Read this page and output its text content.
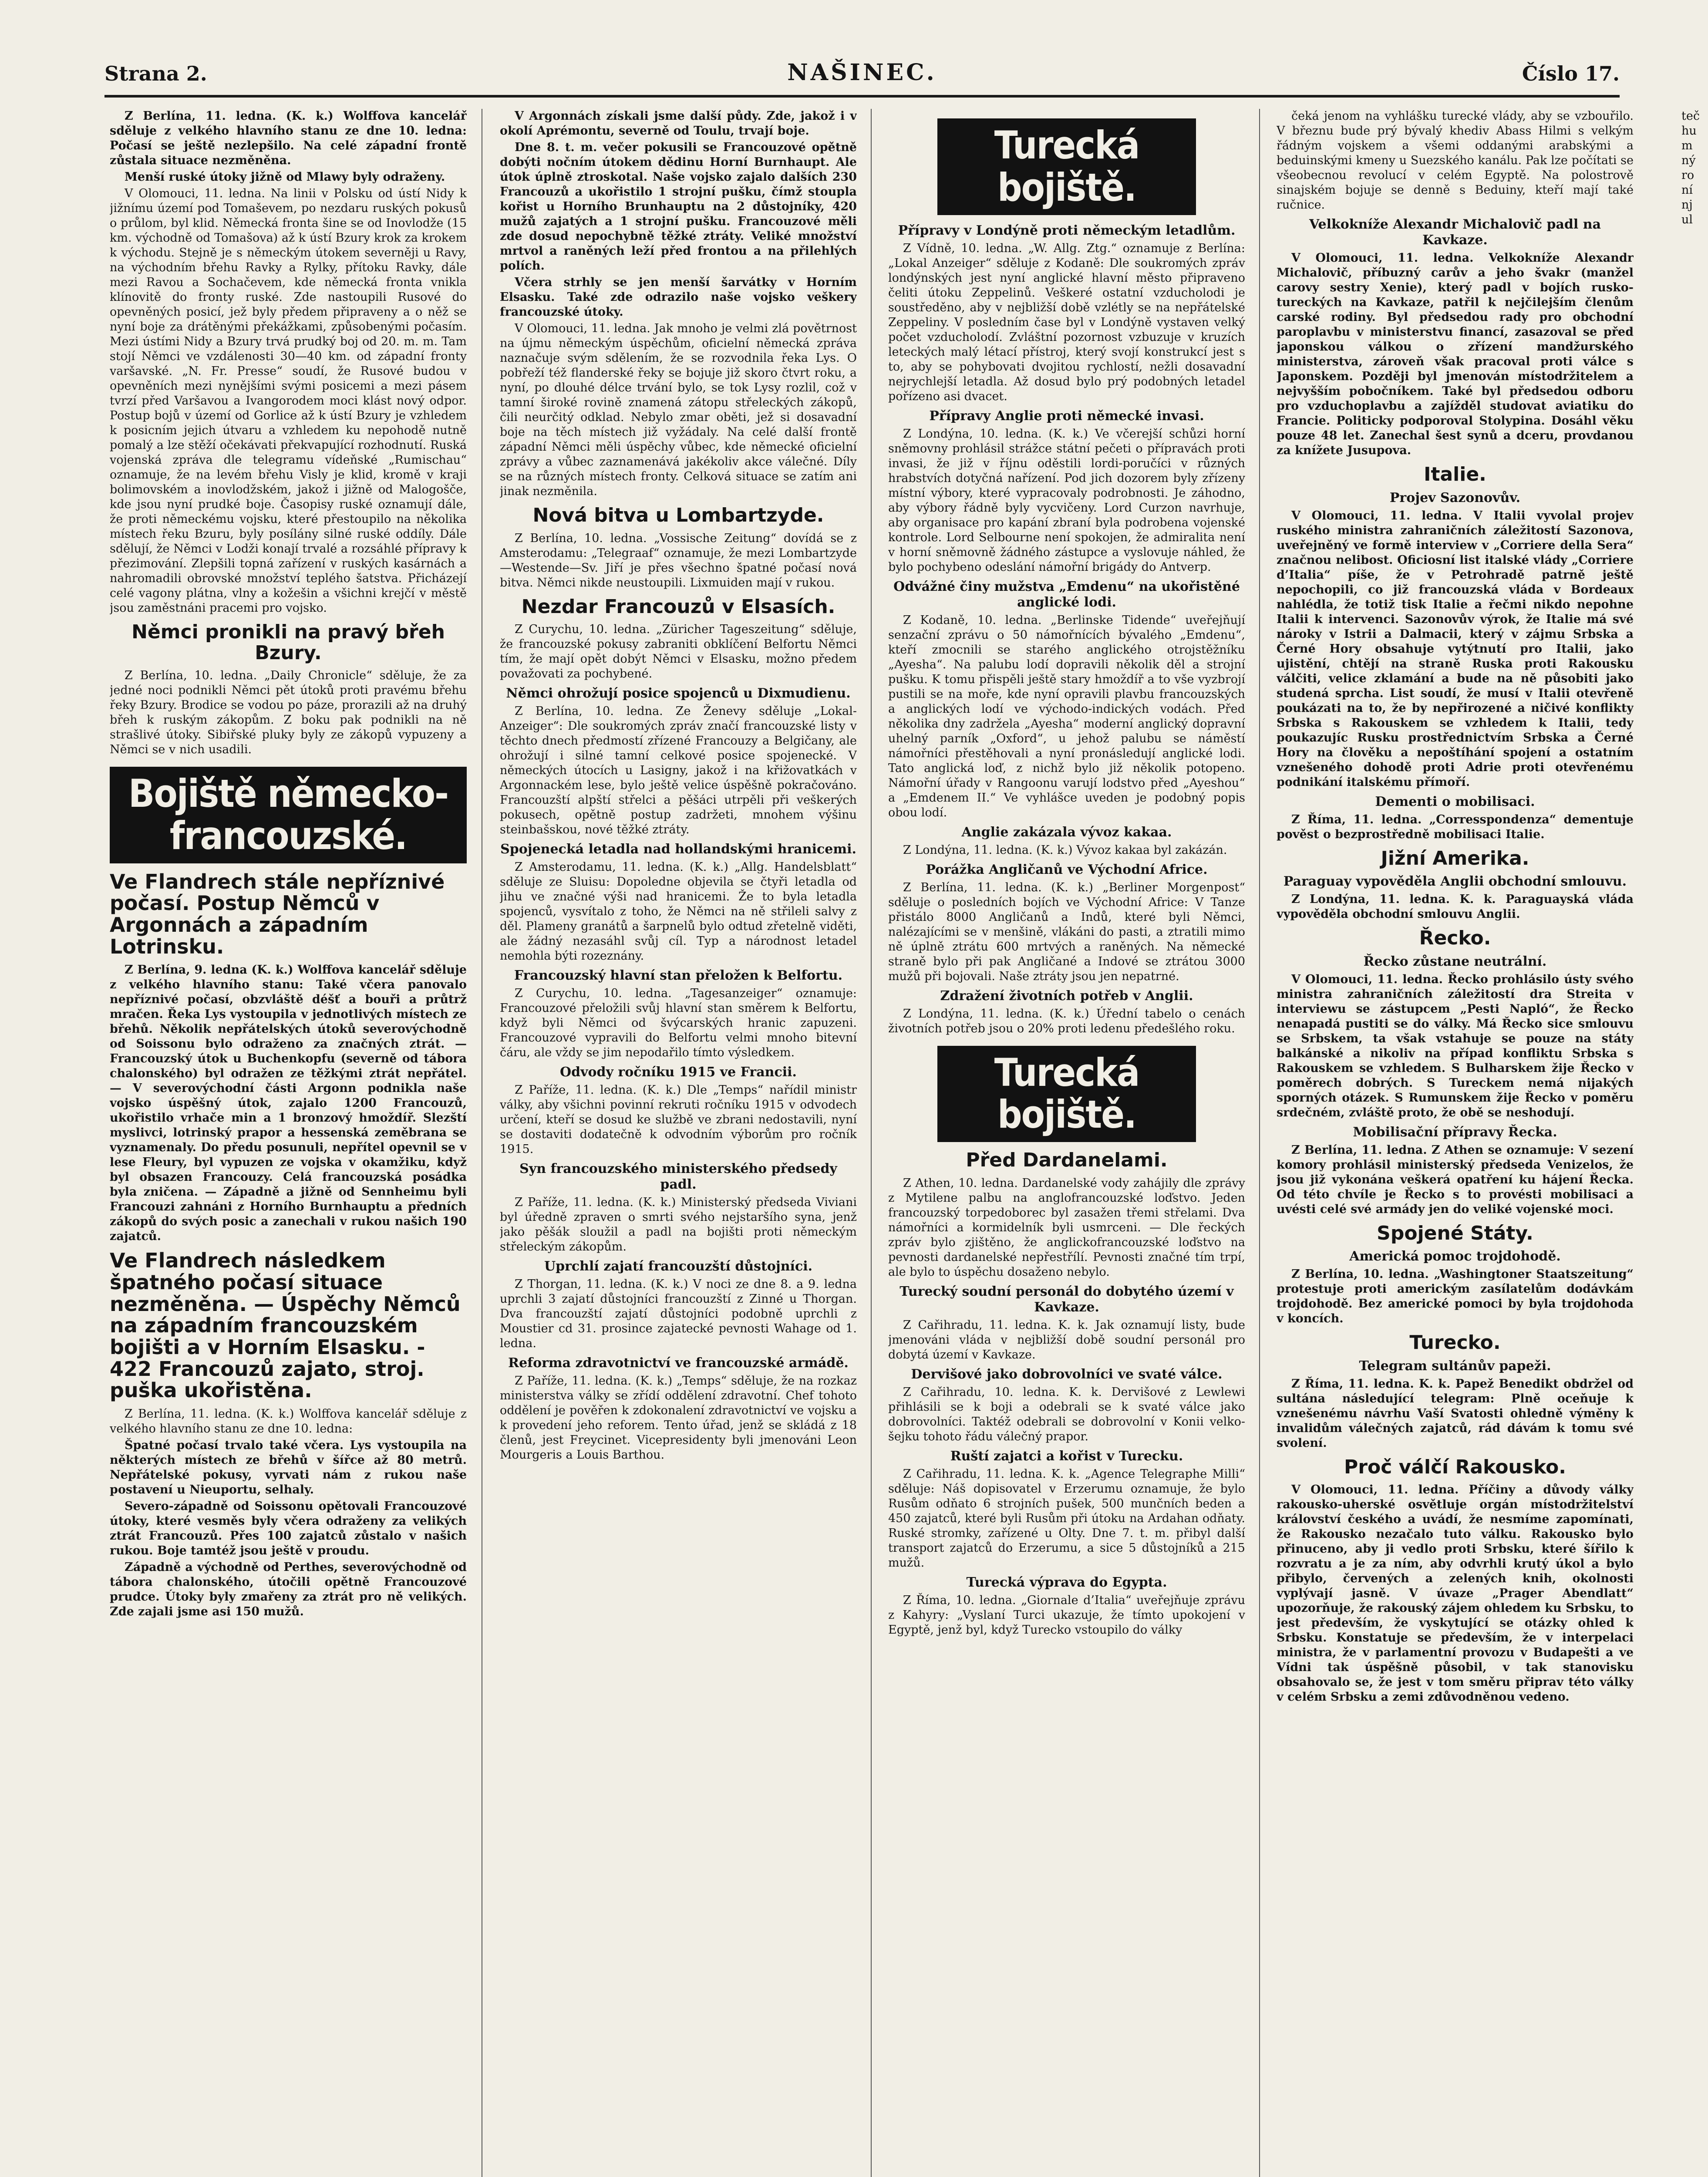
Strana 2.	NAŠINEC.	Číslo 17.

Z Berlína, 11. ledna. (K. k.) Wolffova kancelář sděluje z velkého hlavního stanu ze dne 10. ledna: Počasí se ještě nezlepšilo. Na celé západní frontě zůstala situace nezměněna.

Menší ruské útoky jižně od Mlawy byly odraženy.

V Olomouci, 11. ledna. Na linii v Polsku od ústí Nidy k jižnímu území pod Tomaševem, po nezdaru ruských pokusů o průlom, byl klid. Německá fronta šine se od Inovlodže (15 km. východně od Tomašova) až k ústí Bzury krok za krokem k východu. Stejně je s německým útokem severněji u Ravy, na východním břehu Ravky a Rylky, přítoku Ravky, dále mezi Ravou a Sochačevem, kde německá fronta vnikla klínovitě do fronty ruské. Zde nastoupili Rusové do opevněných posicí, jež byly předem připraveny a o něž se nyní boje za drátěnými překážkami, způsobenými počasím. Mezi ústími Nidy a Bzury trvá prudký boj od 20. m. m. Tam stojí Němci ve vzdálenosti 30—40 km. od západní fronty varšavské. „N. Fr. Presse“ soudí, že Rusové budou v opevněních mezi nynějšími svými posicemi a mezi pásem tvrzí před Varšavou a Ivangorodem moci klást nový odpor. Postup bojů v území od Gorlice až k ústí Bzury je vzhledem k posicním jejich útvaru a vzhledem ku nepohodě nutně pomalý a lze stěží očekávati překvapující rozhodnutí. Ruská vojenská zpráva dle telegramu vídeňské „Rumischau“ oznamuje, že na levém břehu Visly je klid, kromě v kraji bolimovském a inovlodžském, jakož i jižně od Malogošče, kde jsou nyní prudké boje. Časopisy ruské oznamují dále, že proti německému vojsku, které přestoupilo na několika místech řeku Bzuru, byly posílány silné ruské oddíly. Dále sdělují, že Němci v Lodži konají trvalé a rozsáhlé přípravy k přezimování. Zlepšili topná zařízení v ruských kasárnách a nahromadili obrovské množství teplého šatstva. Přicházejí celé vagony plátna, vlny a kožešin a všichni krejčí v městě jsou zaměstnáni pracemi pro vojsko.

Němci pronikli na pravý břeh Bzury.

Z Berlína, 10. ledna. „Daily Chronicle“ sděluje, že za jedné noci podnikli Němci pět útoků proti pravému břehu řeky Bzury. Brodice se vodou po páze, prorazili až na druhý břeh k ruským zákopům. Z boku pak podnikli na ně strašlivé útoky. Sibiřské pluky byly ze zákopů vypuzeny a Němci se v nich usadili.

Bojiště německo-francouzské.
Ve Flandrech stále nepříznivé počasí. Postup Němců v Argonnách a západním Lotrinsku.

Z Berlína, 9. ledna (K. k.) Wolffova kancelář sděluje z velkého hlavního stanu: Také včera panovalo nepříznivé počasí, obzvláště déšť a bouři a průtrž mračen. Řeka Lys vystoupila v jednotlivých místech ze břehů. Několik nepřátelských útoků severovýchodně od Soissonu bylo odraženo za značných ztrát. — Francouzský útok u Buchenkopfu (severně od tábora chalonského) byl odražen ze těžkými ztrát nepřátel. — V severovýchodní části Argonn podnikla naše vojsko úspěšný útok, zajalo 1200 Francouzů, ukořistilo vrhače min a 1 bronzový hmoždíř. Slezští myslivci, lotrinský prapor a hessenská zeměbrana se vyznamenaly. Do předu posunuli, nepřítel opevnil se v lese Fleury, byl vypuzen ze vojska v okamžiku, když byl obsazen Francouzy. Celá francouzská posádka byla zničena. — Západně a jižně od Sennheimu byli Francouzi zahnáni z Horního Burnhauptu a předních zákopů do svých posic a zanechali v rukou našich 190 zajatců.

Ve Flandrech následkem špatného počasí situace nezměněna. — Úspěchy Němců na západním francouzském bojišti a v Horním Elsasku. - 422 Francouzů zajato, stroj. puška ukořistěna.

Z Berlína, 11. ledna. (K. k.) Wolffova kancelář sděluje z velkého hlavního stanu ze dne 10. ledna:

Špatné počasí trvalo také včera. Lys vystoupila na některých místech ze břehů v šířce až 80 metrů. Nepřátelské pokusy, vyrvati nám z rukou naše postavení u Nieuportu, selhaly.

Severo-západně od Soissonu opětovali Francouzové útoky, které vesměs byly včera odraženy za velikých ztrát Francouzů. Přes 100 zajatců zůstalo v našich rukou. Boje tamtéž jsou ještě v proudu.

Západně a východně od Perthes, severovýchodně od tábora chalonského, útočili opětně Francouzové prudce. Útoky byly zmařeny za ztrát pro ně velikých. Zde zajali jsme asi 150 mužů.

V Argonnách získali jsme další půdy. Zde, jakož i v okolí Aprémontu, severně od Toulu, trvají boje.

Dne 8. t. m. večer pokusili se Francouzové opětně dobýti nočním útokem dědinu Horní Burnhaupt. Ale útok úplně ztroskotal. Naše vojsko zajalo dalších 230 Francouzů a ukořistilo 1 strojní pušku, čímž stoupla kořist u Horního Brunhauptu na 2 důstojníky, 420 mužů zajatých a 1 strojní pušku. Francouzové měli zde dosud nepochybně těžké ztráty. Veliké množství mrtvol a raněných leží před frontou a na přilehlých polích.

Včera strhly se jen menší šarvátky v Horním Elsasku. Také zde odrazilo naše vojsko veškery francouzské útoky.

V Olomouci, 11. ledna. Jak mnoho je velmi zlá povětrnost na újmu německým úspěchům, oficielní německá zpráva naznačuje svým sdělením, že se rozvodnila řeka Lys. O pobřeží též flanderské řeky se bojuje již skoro čtvrt roku, a nyní, po dlouhé délce trvání bylo, se tok Lysy rozlil, což v tamní široké rovině znamená zátopu střeleckých zákopů, čili neurčitý odklad. Nebylo zmar oběti, jež si dosavadní boje na těch místech již vyžádaly. Na celé další frontě západní Němci měli úspěchy vůbec, kde německé oficielní zprávy a vůbec zaznamenává jakékoliv akce válečné. Díly se na různých místech fronty. Celková situace se zatím ani jinak nezměnila.

Nová bitva u Lombartzyde.

Z Berlína, 10. ledna. „Vossische Zeitung“ dovídá se z Amsterodamu: „Telegraaf“ oznamuje, že mezi Lombartzyde—Westende—Sv. Jiří je přes všechno špatné počasí nová bitva. Němci nikde neustoupili. Lixmuiden mají v rukou.

Nezdar Francouzů v Elsasích.

Z Curychu, 10. ledna. „Züricher Tageszeitung“ sděluje, že francouzské pokusy zabraniti obklíčení Belfortu Němci tím, že mají opět dobýt Němci v Elsasku, možno předem považovati za pochybené.

Němci ohrožují posice spojenců u Dixmudienu.

Z Berlína, 10. ledna. Ze Ženevy sděluje „Lokal-Anzeiger“: Dle soukromých zpráv značí francouzské listy v těchto dnech předmostí zřízené Francouzy a Belgičany, ale ohrožují i silné tamní celkové posice spojenecké. V německých útocích u Lasigny, jakož i na křižovatkách v Argonnackém lese, bylo ještě velice úspěšně pokračováno. Francouzští alpští střelci a pěšáci utrpěli při veškerých pokusech, opětně postup zadržeti, mnohem výšinu steinbašskou, nové těžké ztráty.

Spojenecká letadla nad hollandskými hranicemi.

Z Amsterodamu, 11. ledna. (K. k.) „Allg. Handelsblatt“ sděluje ze Sluisu: Dopoledne objevila se čtyři letadla od jihu ve značné výši nad hranicemi. Že to byla letadla spojenců, vysvítalo z toho, že Němci na ně střileli salvy z děl. Plameny granátů a šarpnelů bylo odtud zřetelně viděti, ale žádný nezasáhl svůj cíl. Typ a národnost letadel nemohla býti rozeznány.

Francouzský hlavní stan přeložen k Belfortu.

Z Curychu, 10. ledna. „Tagesanzeiger“ oznamuje: Francouzové přeložili svůj hlavní stan směrem k Belfortu, když byli Němci od švýcarských hranic zapuzeni. Francouzové vypravili do Belfortu velmi mnoho bitevní čáru, ale vždy se jim nepodařilo tímto výsledkem.

Odvody ročníku 1915 ve Francii.

Z Paříže, 11. ledna. (K. k.) Dle „Temps“ nařídil ministr války, aby všichni povinní rekruti ročníku 1915 v odvodech určení, kteří se dosud ke službě ve zbrani nedostavili, nyní se dostaviti dodatečně k odvodním výborům pro ročník 1915.

Syn francouzského ministerského předsedy padl.

Z Paříže, 11. ledna. (K. k.) Ministerský předseda Viviani byl úředně zpraven o smrti svého nejstaršího syna, jenž jako pěšák sloužil a padl na bojišti proti německým střeleckým zákopům.

Uprchlí zajatí francouzští důstojníci.

Z Thorgan, 11. ledna. (K. k.) V noci ze dne 8. a 9. ledna uprchli 3 zajatí důstojníci francouzští z Zinné u Thorgan. Dva francouzští zajatí důstojníci podobně uprchli z Moustier cd 31. prosince zajatecké pevnosti Wahage od 1. ledna.

Reforma zdravotnictví ve francouzské armádě.

Z Paříže, 11. ledna. (K. k.) „Temps“ sděluje, že na rozkaz ministerstva války se zřídí oddělení zdravotní. Chef tohoto oddělení je pověřen k zdokonalení zdravotnictví ve vojsku a k provedení jeho reforem. Tento úřad, jenž se skládá z 18 členů, jest Freycinet. Vicepresidenty byli jmenováni Leon Mourgeris a Louis Barthou.

Turecká bojiště.
Přípravy v Londýně proti německým letadlům.

Z Vídně, 10. ledna. „W. Allg. Ztg.“ oznamuje z Berlína: „Lokal Anzeiger“ sděluje z Kodaně: Dle soukromých zpráv londýnských jest nyní anglické hlavní město připraveno čeliti útoku Zeppelinů. Veškeré ostatní vzducholodi je soustředěno, aby v nejbližší době vzlétly se na nepřátelské Zeppeliny. V posledním čase byl v Londýně vystaven velký počet vzducholodí. Zvláštní pozornost vzbuzuje v kruzích leteckých malý létací přístroj, který svojí konstrukcí jest s to, aby se pohybovati dvojitou rychlostí, nežli dosavadní nejrychlejší letadla. Až dosud bylo prý podobných letadel pořízeno asi dvacet.

Přípravy Anglie proti německé invasi.

Z Londýna, 10. ledna. (K. k.) Ve včerejší schůzi horní sněmovny prohlásil strážce státní pečeti o přípravách proti invasi, že již v říjnu oděstili lordi-poručíci v různých hrabstvích dotyčná nařízení. Pod jich dozorem byly zřízeny místní výbory, které vypracovaly podrobnosti. Je záhodno, aby výbory řádně byly vycvičeny. Lord Curzon navrhuje, aby organisace pro kapání zbraní byla podrobena vojenské kontrole. Lord Selbourne není spokojen, že admiralita není v horní sněmovně žádného zástupce a vyslovuje náhled, že bylo pochybeno odeslání námořní brigády do Antverp.

Odvážné činy mužstva „Emdenu“ na ukořistěné anglické lodi.

Z Kodaně, 10. ledna. „Berlinske Tidende“ uveřejňují senzační zprávu o 50 námořnících bývalého „Emdenu“, kteří zmocnili se starého anglického otrojstěžníku „Ayesha“. Na palubu lodí dopravili několik děl a strojní pušku. K tomu přispěli ještě stary hmoždíř a to vše vyzbrojí pustili se na moře, kde nyní opravili plavbu francouzských a anglických lodí ve východo-indických vodách. Před několika dny zadržela „Ayesha“ moderní anglický dopravní uhelný parník „Oxford“, u jehož palubu se náměstí námořníci přestěhovali a nyní pronásledují anglické lodi. Tato anglická loď, z nichž bylo již několik potopeno. Námořní úřady v Rangoonu varují lodstvo před „Ayeshou“ a „Emdenem II.“ Ve vyhlášce uveden je podobný popis obou lodí.

Anglie zakázala vývoz kakaa.

Z Londýna, 11. ledna. (K. k.) Vývoz kakaa byl zakázán.

Porážka Angličanů ve Východní Africe.

Z Berlína, 11. ledna. (K. k.) „Berliner Morgenpost“ sděluje o posledních bojích ve Východní Africe: V Tanze přistálo 8000 Angličanů a Indů, které byli Němci, nalézajícími se v menšině, vlákáni do pasti, a ztratili mimo ně úplně ztrátu 600 mrtvých a raněných. Na německé straně bylo při pak Angličané a Indové se ztrátou 3000 mužů při bojovali. Naše ztráty jsou jen nepatrné.

Zdražení životních potřeb v Anglii.

Z Londýna, 11. ledna. (K. k.) Úřední tabelo o cenách životních potřeb jsou o 20% proti ledenu předešlého roku.

Turecká bojiště.
Před Dardanelami.

Z Athen, 10. ledna. Dardanelské vody zahájily dle zprávy z Mytilene palbu na anglofrancouzské loďstvo. Jeden francouzský torpedoborec byl zasažen třemi střelami. Dva námořníci a kormidelník byli usmrceni. — Dle řeckých zpráv bylo zjištěno, že anglickofrancouzské loďstvo na pevnosti dardanelské nepřestřílí. Pevnosti značné tím trpí, ale bylo to úspěchu dosaženo nebylo.

Turecký soudní personál do dobytého území v Kavkaze.

Z Cařihradu, 11. ledna. K. k. Jak oznamují listy, bude jmenováni vláda v nejbližší době soudní personál pro dobytá území v Kavkaze.

Dervišové jako dobrovolníci ve svaté válce.

Z Cařihradu, 10. ledna. K. k. Dervišové z Lewlewi přihlásili se k boji a odebrali se k svaté válce jako dobrovolníci. Taktéž odebrali se dobrovolní v Konii velko-šejku tohoto řádu válečný prapor.

Ruští zajatci a kořist v Turecku.

Z Cařihradu, 11. ledna. K. k. „Agence Telegraphe Milli“ sděluje: Náš dopisovatel v Erzerumu oznamuje, že bylo Rusům odňato 6 strojních pušek, 500 munčních beden a 450 zajatců, které byli Rusům při útoku na Ardahan odňaty. Ruské stromky, zařízené u Olty. Dne 7. t. m. přibyl další transport zajatců do Erzerumu, a sice 5 důstojníků a 215 mužů.

Turecká výprava do Egypta.

Z Říma, 10. ledna. „Giornale d’Italia“ uveřejňuje zprávu z Kahyry: „Vyslaní Turci ukazuje, že tímto upokojení v Egyptě, jenž byl, když Turecko vstoupilo do války

čeká jenom na vyhlášku turecké vlády, aby se vzbouřilo. V březnu bude prý bývalý khediv Abass Hilmi s velkým řádným vojskem a všemi oddanými arabskými a beduinskými kmeny u Suezského kanálu. Pak lze počítati se všeobecnou revolucí v celém Egyptě. Na polostrově sinajském bojuje se denně s Beduiny, kteří mají také ručnice.

Velkokníže Alexandr Michalovič padl na Kavkaze.

V Olomouci, 11. ledna. Velkokníže Alexandr Michalovič, příbuzný carův a jeho švakr (manžel carovy sestry Xenie), který padl v bojích rusko-tureckých na Kavkaze, patřil k nejčilejším členům carské rodiny. Byl předsedou rady pro obchodní paroplavbu v ministerstvu financí, zasazoval se před japonskou válkou o zřízení mandžurského ministerstva, zároveň však pracoval proti válce s Japonskem. Později byl jmenován místodržitelem a nejvyšším pobočníkem. Také byl předsedou odboru pro vzduchoplavbu a zajížděl studovat aviatiku do Francie. Politicky podporoval Stolypina. Dosáhl věku pouze 48 let. Zanechal šest synů a dceru, provdanou za knížete Jusupova.

Italie.
Projev Sazonovův.

V Olomouci, 11. ledna. V Italii vyvolal projev ruského ministra zahraničních záležitostí Sazonova, uveřejněný ve formě interview v „Corriere della Sera“ značnou nelibost. Oficiosní list italské vlády „Corriere d’Italia“ píše, že v Petrohradě patrně ještě nepochopili, co již francouzská vláda v Bordeaux nahlédla, že totiž tisk Italie a řečmi nikdo nepohne Italii k intervenci. Sazonovův výrok, že Italie má své nároky v Istrii a Dalmacii, který v zájmu Srbska a Černé Hory obsahuje vytýtnutí pro Italii, jako ujistění, chtějí na straně Ruska proti Rakousku válčiti, velice zklamání a bude na ně působiti jako studená sprcha. List soudí, že musí v Italii otevřeně poukázati na to, že by nepřirozené a ničivé konflikty Srbska s Rakouskem se vzhledem k Italii, tedy poukazujíc Rusku prostřednictvím Srbska a Černé Hory na člověku a nepoštíhání spojení a ostatním vznešeného dohodě proti Adrie proti otevřenému podnikání italskému přímoří.

Dementi o mobilisaci.

Z Říma, 11. ledna. „Corresspondenza“ dementuje pověst o bezprostředně mobilisaci Italie.

Jižní Amerika.
Paraguay vypověděla Anglii obchodní smlouvu.

Z Londýna, 11. ledna. K. k. Paraguayská vláda vypověděla obchodní smlouvu Anglii.

Řecko.
Řecko zůstane neutrální.

V Olomouci, 11. ledna. Řecko prohlásilo ústy svého ministra zahraničních záležitostí dra Streita v interviewu se zástupcem „Pesti Napló“, že Řecko nenapadá pustiti se do války. Má Řecko sice smlouvu se Srbskem, ta však vstahuje se pouze na státy balkánské a nikoliv na případ konfliktu Srbska s Rakouskem se vzhledem. S Bulharskem žije Řecko v poměrech dobrých. S Tureckem nemá nijakých sporných otázek. S Rumunskem žije Řecko v poměru srdečném, zvláště proto, že obě se neshodují.

Mobilisační přípravy Řecka.

Z Berlína, 11. ledna. Z Athen se oznamuje: V sezení komory prohlásil ministerský předseda Venizelos, že jsou již vykonána veškerá opatření ku hájení Řecka. Od této chvíle je Řecko s to provésti mobilisaci a uvésti celé své armády jen do veliké vojenské moci.

Spojené Státy.
Americká pomoc trojdohodě.

Z Berlína, 10. ledna. „Washingtoner Staatszeitung“ protestuje proti americkým zasílatelům dodávkám trojdohodě. Bez americké pomoci by byla trojdohoda v koncích.

Turecko.
Telegram sultánův papeži.

Z Říma, 11. ledna. K. k. Papež Benedikt obdržel od sultána následující telegram: Plně oceňuje k vznešenému návrhu Vaší Svatosti ohledně výměny k invalidům válečných zajatců, rád dávám k tomu své svolení.

Proč válčí Rakousko.

V Olomouci, 11. ledna. Příčiny a důvody války rakousko-uherské osvětluje orgán místodržitelství království českého a uvádí, že nesmíme zapomínati, že Rakousko nezačalo tuto válku. Rakousko bylo přinuceno, aby ji vedlo proti Srbsku, které šířilo k rozvratu a je za ním, aby odvrhli krutý úkol a bylo přibylo, červených a zelených knih, okolnosti vyplývají jasně. V úvaze „Prager Abendlatt“ upozorňuje, že rakouský zájem ohledem ku Srbsku, to jest především, že vyskytující se otázky ohled k Srbsku. Konstatuje se především, že v interpelaci ministra, že v parlamentní provozu v Budapešti a ve Vídni tak úspěšně působil, v tak stanovisku obsahovalo se, že jest v tom směru připrav této války v celém Srbsku a zemi zdůvodněnou vedeno.

teč
hu
m
ný
ro
ní
nj
ul
